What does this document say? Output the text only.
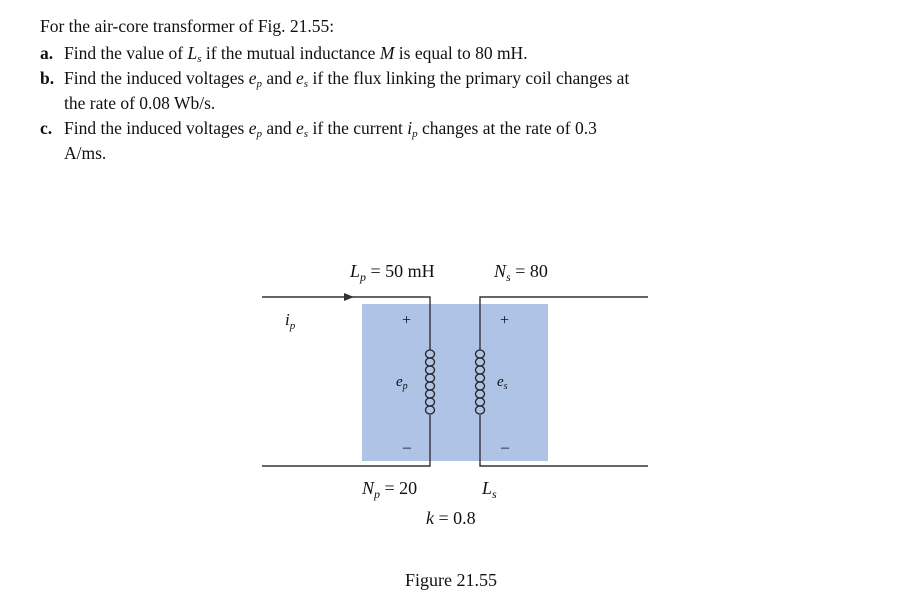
For the air-core transformer of Fig. 21.55:

a. Find the value of $L_s$ if the mutual inductance M is equal to 80 mH.

b. Find the induced voltages $e_p$ and $e_s$ if the flux linking the primary coil changes at the rate of 0.08 Wb/s.

c. Find the induced voltages $e_p$ and $e_s$ if the current $i_p$ changes at the rate of 0.3 A/ms.

$L_p = 50$ mH	$N_s = 80$
$i_p$	+	+
$e_p$	$e_s$
–	–
$N_p = 20$	$L_s$
k = 0.8
Figure 21.55
